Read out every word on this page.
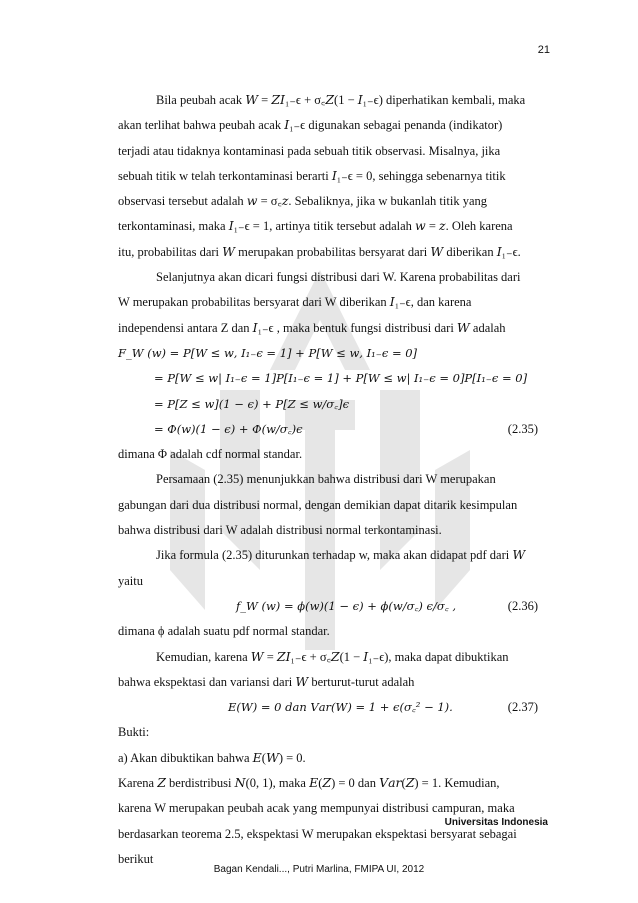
21

Bila peubah acak 𝑊 = 𝑍𝐼₁₋ϵ + σ꜀𝑍(1 − 𝐼₁₋ϵ) diperhatikan kembali, maka

akan terlihat bahwa peubah acak 𝐼₁₋ϵ digunakan sebagai penanda (indikator)

terjadi atau tidaknya kontaminasi pada sebuah titik observasi. Misalnya, jika

sebuah titik w telah terkontaminasi berarti 𝐼₁₋ϵ = 0, sehingga sebenarnya titik

observasi tersebut adalah 𝑤 = σ꜀𝑧. Sebaliknya, jika w bukanlah titik yang

terkontaminasi, maka 𝐼₁₋ϵ = 1, artinya titik tersebut adalah 𝑤 = 𝑧. Oleh karena

itu, probabilitas dari 𝑊 merupakan probabilitas bersyarat dari 𝑊 diberikan 𝐼₁₋ϵ.

Selanjutnya akan dicari fungsi distribusi dari W. Karena probabilitas dari

W merupakan probabilitas bersyarat dari W diberikan 𝐼₁₋ϵ, dan karena

independensi antara Z dan 𝐼₁₋ϵ , maka bentuk fungsi distribusi dari 𝑊 adalah

𝐹_W (𝑤) = 𝑃[𝑊 ≤ 𝑤, 𝐼₁₋ϵ = 1] + 𝑃[𝑊 ≤ 𝑤, 𝐼₁₋ϵ = 0]

= 𝑃[𝑊 ≤ 𝑤| 𝐼₁₋ϵ = 1]𝑃[𝐼₁₋ϵ = 1] + 𝑃[𝑊 ≤ 𝑤| 𝐼₁₋ϵ = 0]𝑃[𝐼₁₋ϵ = 0]

= 𝑃[𝑍 ≤ 𝑤](1 − ϵ) + 𝑃[𝑍 ≤ 𝑤/σ꜀]ϵ

= Φ(𝑤)(1 − ϵ) + Φ(𝑤/σ꜀)ϵ	(2.35)

dimana Φ adalah cdf normal standar.

Persamaan (2.35) menunjukkan bahwa distribusi dari W merupakan

gabungan dari dua distribusi normal, dengan demikian dapat ditarik kesimpulan

bahwa distribusi dari W adalah distribusi normal terkontaminasi.

Jika formula (2.35) diturunkan terhadap w, maka akan didapat pdf dari 𝑊

yaitu

𝑓_W (𝑤) = ϕ(𝑤)(1 − ϵ) + ϕ(𝑤/σ꜀) ϵ/σ꜀ ,	(2.36)

dimana ϕ adalah suatu pdf normal standar.

Kemudian, karena 𝑊 = 𝑍𝐼₁₋ϵ + σ꜀𝑍(1 − 𝐼₁₋ϵ), maka dapat dibuktikan

bahwa ekspektasi dan variansi dari 𝑊 berturut-turut adalah

𝐸(𝑊) = 0 dan 𝑉𝑎𝑟(𝑊) = 1 + ϵ(σ꜀² − 1).	(2.37)

Bukti:

a) Akan dibuktikan bahwa 𝐸(𝑊) = 0.

Karena 𝑍 berdistribusi 𝑁(0, 1), maka 𝐸(𝑍) = 0 dan 𝑉𝑎𝑟(𝑍) = 1. Kemudian,

karena W merupakan peubah acak yang mempunyai distribusi campuran, maka

berdasarkan teorema 2.5, ekspektasi W merupakan ekspektasi bersyarat sebagai

berikut

Universitas Indonesia
Bagan Kendali..., Putri Marlina, FMIPA UI, 2012
